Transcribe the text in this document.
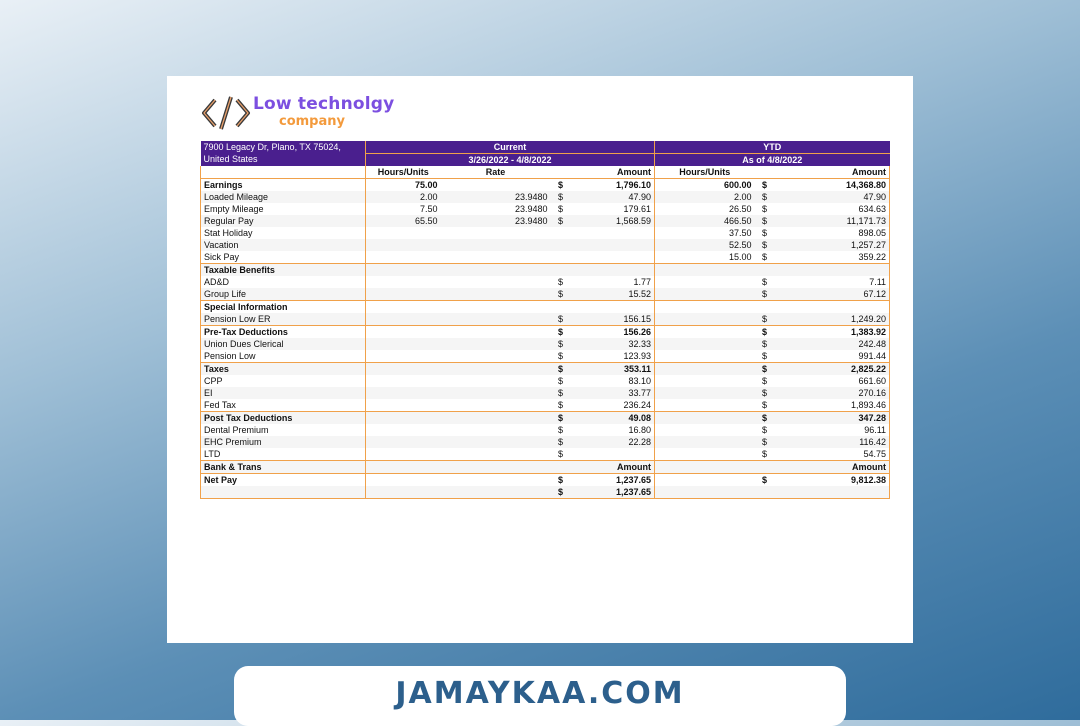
Low technolgy
company
7900 Legacy Dr, Plano, TX 75024,	Current				YTD		
United States	3/26/2022 - 4/8/2022				As of 4/8/2022		
	Hours/Units	Rate		Amount	Hours/Units		Amount
Earnings	75.00		$	1,796.10	600.00	$	14,368.80
Loaded Mileage	2.00	23.9480	$	47.90	2.00	$	47.90
Empty Mileage	7.50	23.9480	$	179.61	26.50	$	634.63
Regular Pay	65.50	23.9480	$	1,568.59	466.50	$	11,171.73
Stat Holiday					37.50	$	898.05
Vacation					52.50	$	1,257.27
Sick Pay					15.00	$	359.22
Taxable Benefits							
AD&D			$	1.77		$	7.11
Group Life			$	15.52		$	67.12
Special Information							
Pension Low ER			$	156.15		$	1,249.20
Pre-Tax Deductions			$	156.26		$	1,383.92
Union Dues Clerical			$	32.33		$	242.48
Pension Low			$	123.93		$	991.44
Taxes			$	353.11		$	2,825.22
CPP			$	83.10		$	661.60
EI			$	33.77		$	270.16
Fed Tax			$	236.24		$	1,893.46
Post Tax Deductions			$	49.08		$	347.28
Dental Premium			$	16.80		$	96.11
EHC Premium			$	22.28		$	116.42
LTD			$			$	54.75
Bank & Trans				Amount			Amount
Net Pay			$	1,237.65		$	9,812.38
			$	1,237.65			
JAMAYKAA.COM
